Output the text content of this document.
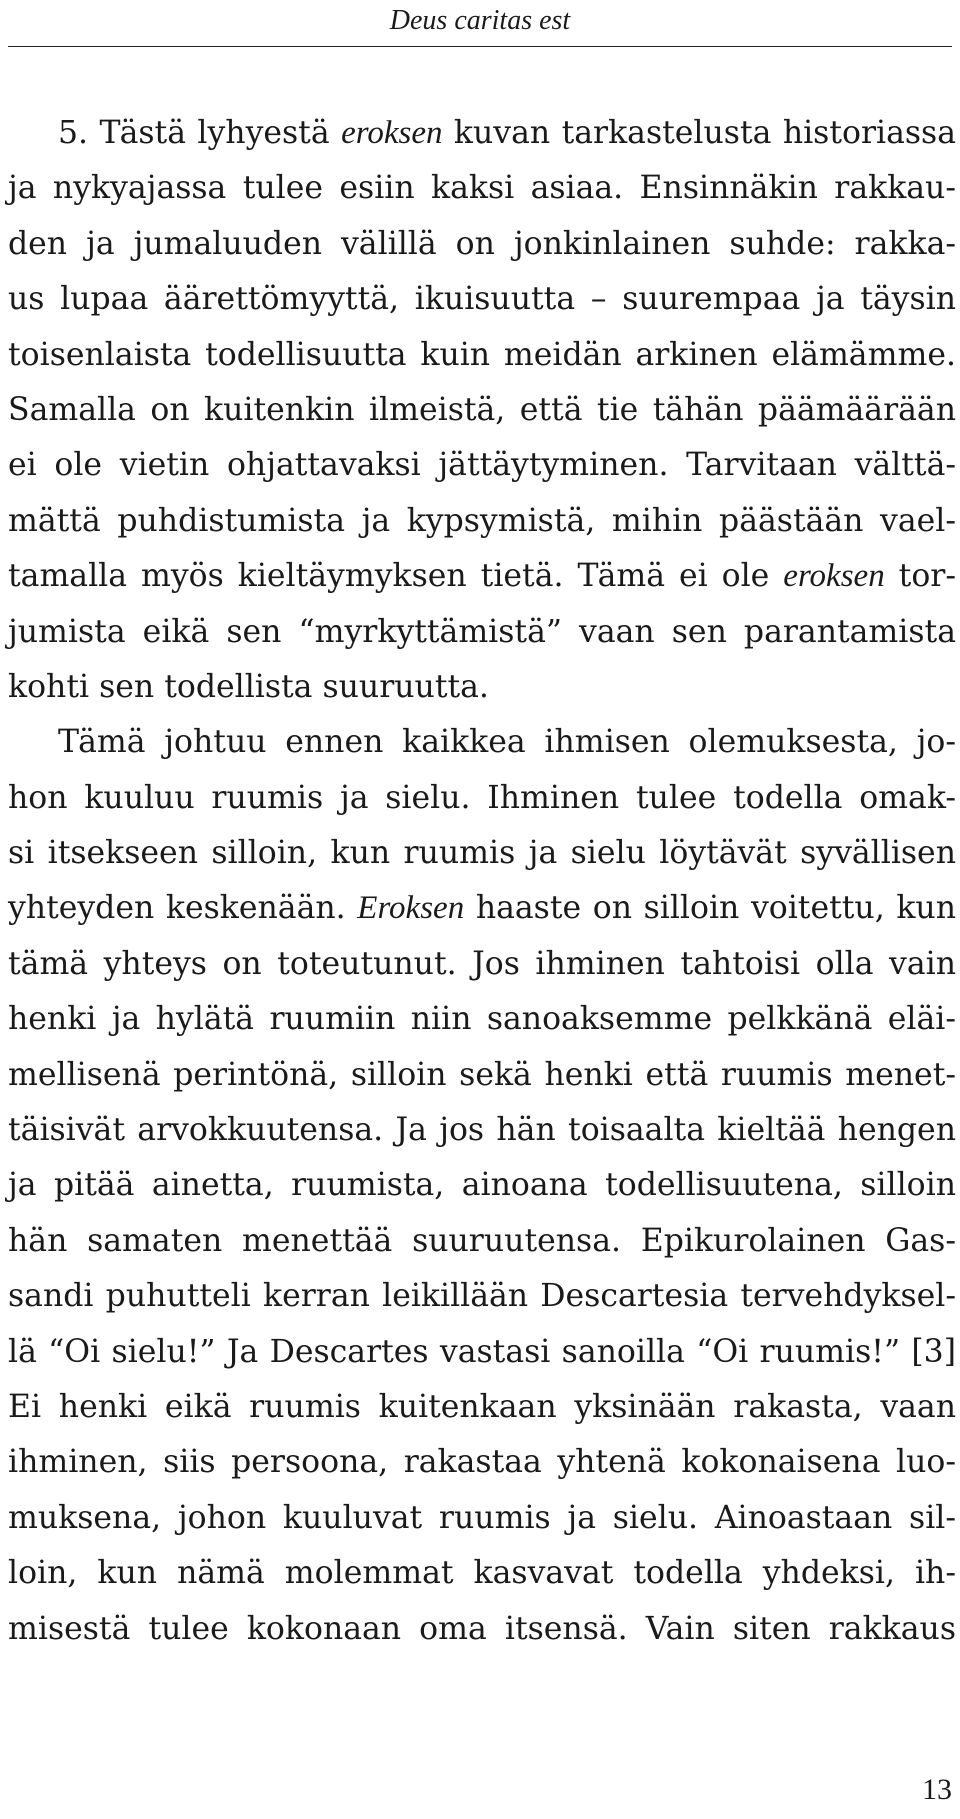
Deus caritas est
5. Tästä lyhyestä eroksen kuvan tarkastelusta historiassa
ja nykyajassa tulee esiin kaksi asiaa. Ensinnäkin rakkau-
den ja jumaluuden välillä on jonkinlainen suhde: rakka-
us lupaa äärettömyyttä, ikuisuutta – suurempaa ja täysin
toisenlaista todellisuutta kuin meidän arkinen elämämme.
Samalla on kuitenkin ilmeistä, että tie tähän päämäärään
ei ole vietin ohjattavaksi jättäytyminen. Tarvitaan välttä-
mättä puhdistumista ja kypsymistä, mihin päästään vael-
tamalla myös kieltäymyksen tietä. Tämä ei ole eroksen tor-
jumista eikä sen “myrkyttämistä” vaan sen parantamista
kohti sen todellista suuruutta.
Tämä johtuu ennen kaikkea ihmisen olemuksesta, jo-
hon kuuluu ruumis ja sielu. Ihminen tulee todella omak-
si itsekseen silloin, kun ruumis ja sielu löytävät syvällisen
yhteyden keskenään. Eroksen haaste on silloin voitettu, kun
tämä yhteys on toteutunut. Jos ihminen tahtoisi olla vain
henki ja hylätä ruumiin niin sanoaksemme pelkkänä eläi-
mellisenä perintönä, silloin sekä henki että ruumis menet-
täisivät arvokkuutensa. Ja jos hän toisaalta kieltää hengen
ja pitää ainetta, ruumista, ainoana todellisuutena, silloin
hän samaten menettää suuruutensa. Epikurolainen Gas-
sandi puhutteli kerran leikillään Descartesia tervehdyksel-
lä “Oi sielu!” Ja Descartes vastasi sanoilla “Oi ruumis!” [3]
Ei henki eikä ruumis kuitenkaan yksinään rakasta, vaan
ihminen, siis persoona, rakastaa yhtenä kokonaisena luo-
muksena, johon kuuluvat ruumis ja sielu. Ainoastaan sil-
loin, kun nämä molemmat kasvavat todella yhdeksi, ih-
misestä tulee kokonaan oma itsensä. Vain siten rakkaus
13
